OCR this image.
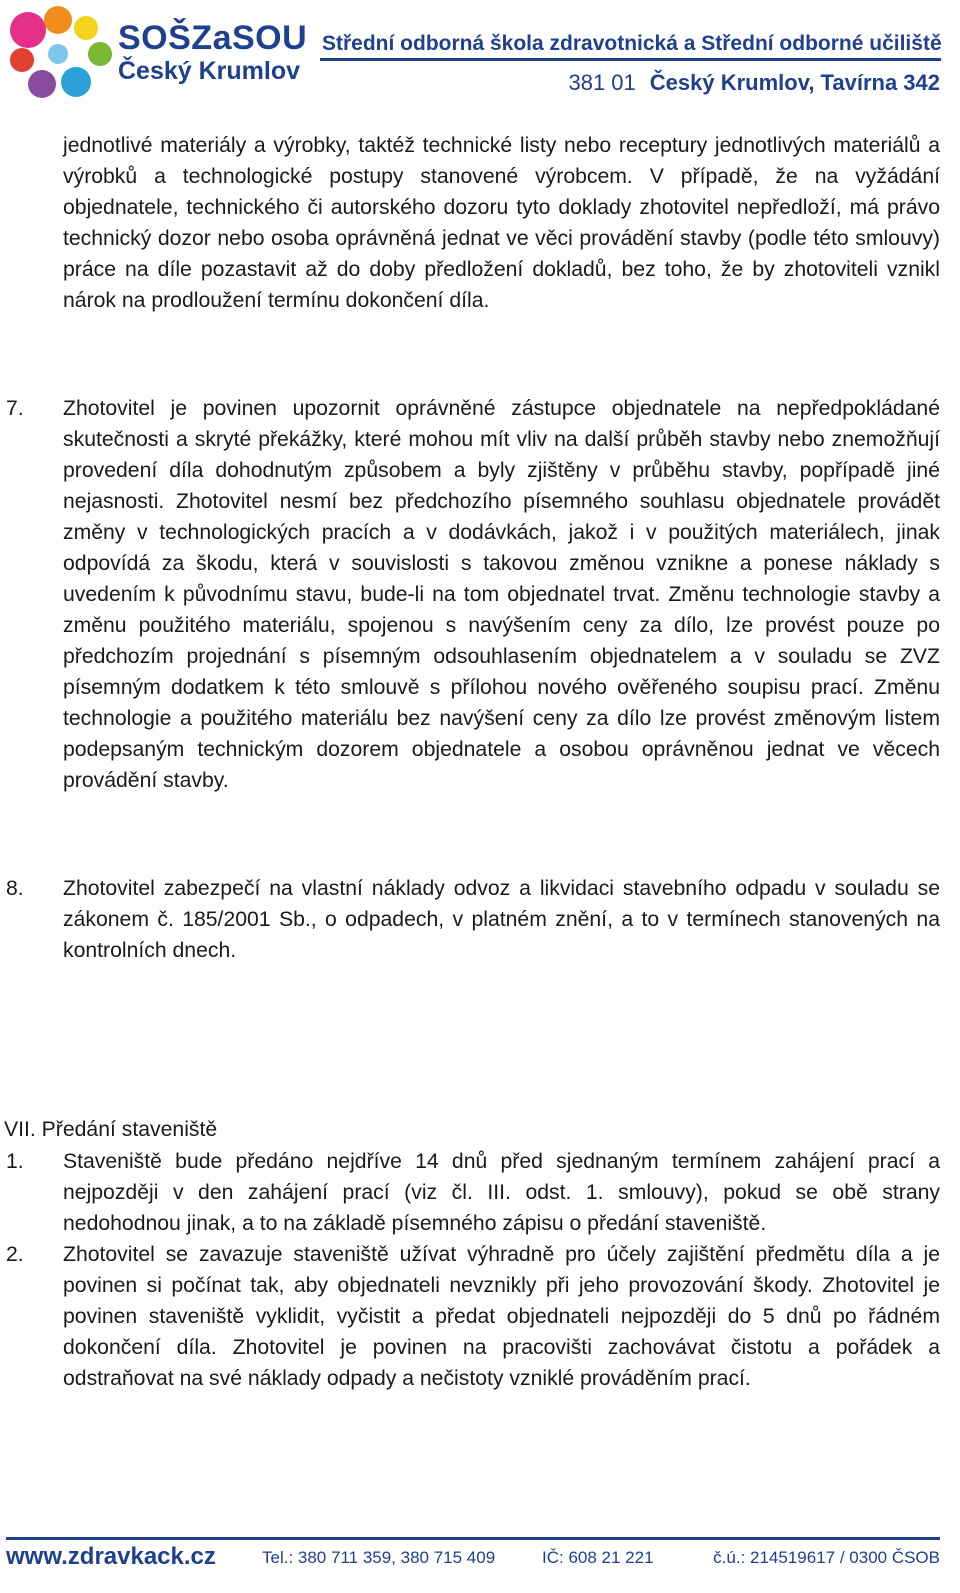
SOŠZaSOU
Český Krumlov
Střední odborná škola zdravotnická a Střední odborné učiliště
381 01 Český Krumlov, Tavírna 342
jednotlivé materiály a výrobky, taktéž technické listy nebo receptury jednotlivých materiálů a výrobků a technologické postupy stanovené výrobcem. V případě, že na vyžádání objednatele, technického či autorského dozoru tyto doklady zhotovitel nepředloží, má právo technický dozor nebo osoba oprávněná jednat ve věci provádění stavby (podle této smlouvy) práce na díle pozastavit až do doby předložení dokladů, bez toho, že by zhotoviteli vznikl nárok na prodloužení termínu dokončení díla.
7. Zhotovitel je povinen upozornit oprávněné zástupce objednatele na nepředpokládané skutečnosti a skryté překážky, které mohou mít vliv na další průběh stavby nebo znemožňují provedení díla dohodnutým způsobem a byly zjištěny v průběhu stavby, popřípadě jiné nejasnosti. Zhotovitel nesmí bez předchozího písemného souhlasu objednatele provádět změny v technologických pracích a v dodávkách, jakož i v použitých materiálech, jinak odpovídá za škodu, která v souvislosti s takovou změnou vznikne a ponese náklady s uvedením k původnímu stavu, bude-li na tom objednatel trvat. Změnu technologie stavby a změnu použitého materiálu, spojenou s navýšením ceny za dílo, lze provést pouze po předchozím projednání s písemným odsouhlasením objednatelem a v souladu se ZVZ písemným dodatkem k této smlouvě s přílohou nového ověřeného soupisu prací. Změnu technologie a použitého materiálu bez navýšení ceny za dílo lze provést změnovým listem podepsaným technickým dozorem objednatele a osobou oprávněnou jednat ve věcech provádění stavby.
8. Zhotovitel zabezpečí na vlastní náklady odvoz a likvidaci stavebního odpadu v souladu se zákonem č. 185/2001 Sb., o odpadech, v platném znění, a to v termínech stanovených na kontrolních dnech.
VII. Předání staveniště
1. Staveniště bude předáno nejdříve 14 dnů před sjednaným termínem zahájení prací a nejpozději v den zahájení prací (viz čl. III. odst. 1. smlouvy), pokud se obě strany nedohodnou jinak, a to na základě písemného zápisu o předání staveniště.
2. Zhotovitel se zavazuje staveniště užívat výhradně pro účely zajištění předmětu díla a je povinen si počínat tak, aby objednateli nevznikly při jeho provozování škody. Zhotovitel je povinen staveniště vyklidit, vyčistit a předat objednateli nejpozději do 5 dnů po řádném dokončení díla. Zhotovitel je povinen na pracovišti zachovávat čistotu a pořádek a odstraňovat na své náklady odpady a nečistoty vzniklé prováděním prací.
www.zdravkack.cz	Tel.: 380 711 359, 380 715 409	IČ: 608 21 221	č.ú.: 214519617 / 0300 ČSOB
